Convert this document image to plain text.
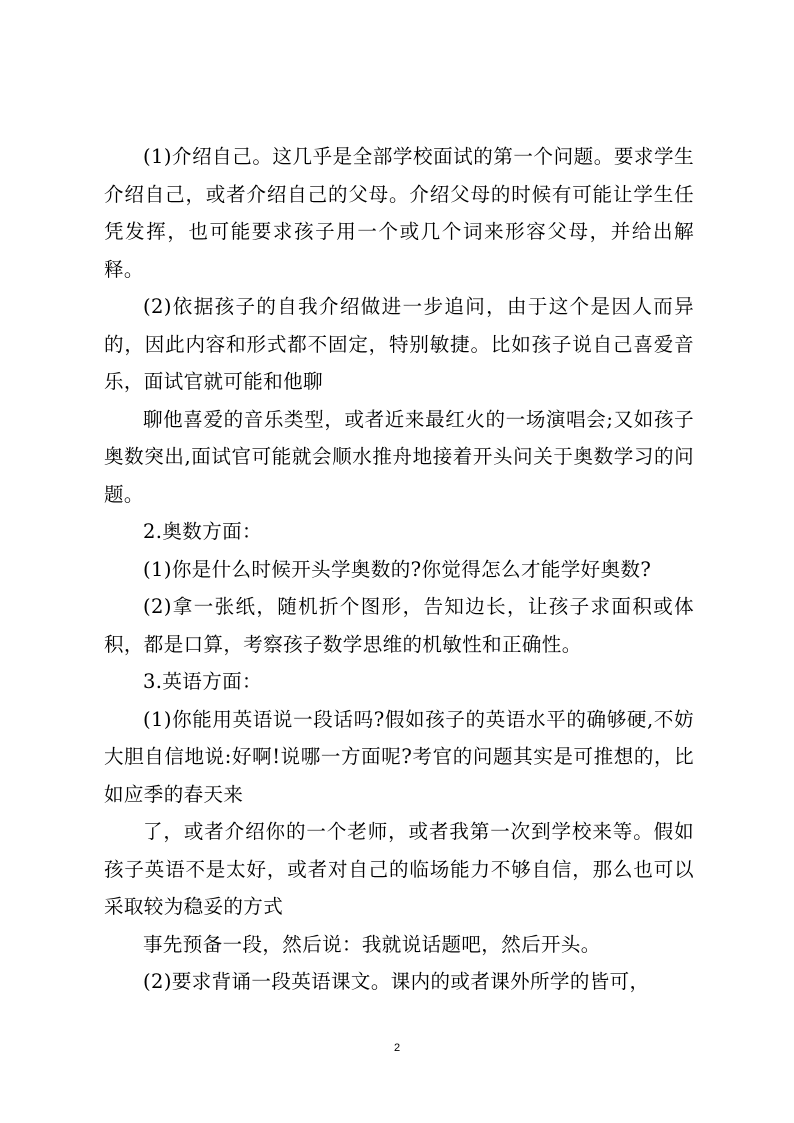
(1)介绍自己。这几乎是全部学校面试的第一个问题。要求学生介绍自己，或者介绍自己的父母。介绍父母的时候有可能让学生任凭发挥，也可能要求孩子用一个或几个词来形容父母，并给出解释。

(2)依据孩子的自我介绍做进一步追问，由于这个是因人而异的，因此内容和形式都不固定，特别敏捷。比如孩子说自己喜爱音乐，面试官就可能和他聊

聊他喜爱的音乐类型，或者近来最红火的一场演唱会;又如孩子奥数突出,面试官可能就会顺水推舟地接着开头问关于奥数学习的问题。

2.奥数方面：

(1)你是什么时候开头学奥数的?你觉得怎么才能学好奥数?

(2)拿一张纸，随机折个图形，告知边长，让孩子求面积或体积，都是口算，考察孩子数学思维的机敏性和正确性。

3.英语方面：

(1)你能用英语说一段话吗?假如孩子的英语水平的确够硬,不妨大胆自信地说:好啊!说哪一方面呢?考官的问题其实是可推想的，比如应季的春天来

了，或者介绍你的一个老师，或者我第一次到学校来等。假如孩子英语不是太好，或者对自己的临场能力不够自信，那么也可以采取较为稳妥的方式

事先预备一段，然后说：我就说话题吧，然后开头。

(2)要求背诵一段英语课文。课内的或者课外所学的皆可，

2
